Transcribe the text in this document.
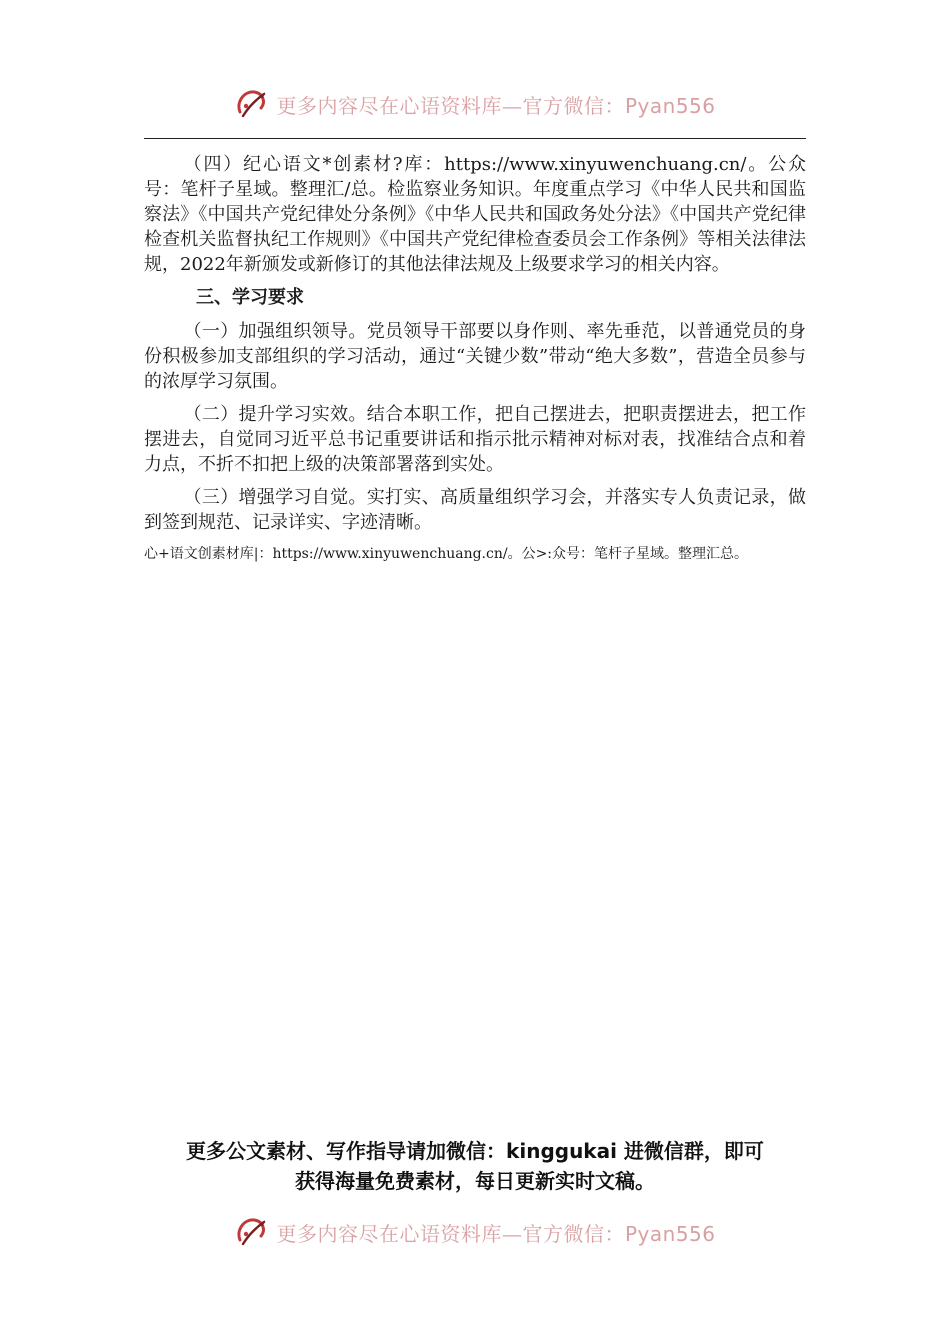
更多内容尽在心语资料库—官方微信：Pyan556

（四）纪心语文*创素材?库：https://www.xinyuwenchuang.cn/。公众号：笔杆子星域。整理汇/总。检监察业务知识。年度重点学习《中华人民共和国监察法》《中国共产党纪律处分条例》《中华人民共和国政务处分法》《中国共产党纪律检查机关监督执纪工作规则》《中国共产党纪律检查委员会工作条例》等相关法律法规，2022年新颁发或新修订的其他法律法规及上级要求学习的相关内容。

三、学习要求

（一）加强组织领导。党员领导干部要以身作则、率先垂范，以普通党员的身份积极参加支部组织的学习活动，通过“关键少数”带动“绝大多数”，营造全员参与的浓厚学习氛围。

（二）提升学习实效。结合本职工作，把自己摆进去，把职责摆进去，把工作摆进去，自觉同习近平总书记重要讲话和指示批示精神对标对表，找准结合点和着力点，不折不扣把上级的决策部署落到实处。

（三）增强学习自觉。实打实、高质量组织学习会，并落实专人负责记录，做到签到规范、记录详实、字迹清晰。

心+语文创素材库|：https://www.xinyuwenchuang.cn/。公>:众号：笔杆子星域。整理汇总。
更多公文素材、写作指导请加微信：kinggukai 进微信群，即可
获得海量免费素材，每日更新实时文稿。
更多内容尽在心语资料库—官方微信：Pyan556
